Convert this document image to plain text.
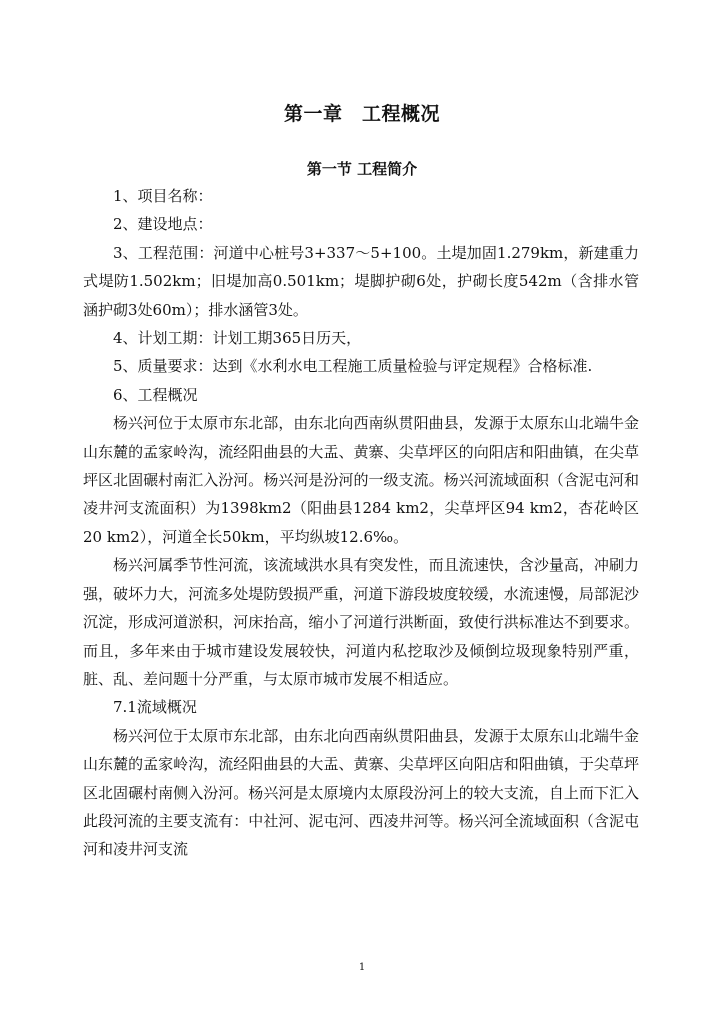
第一章　工程概况
第一节 工程简介

1、项目名称：

2、建设地点：

3、工程范围：河道中心桩号3+337～5+100。土堤加固1.279km，新建重力式堤防1.502km；旧堤加高0.501km；堤脚护砌6处，护砌长度542m（含排水管涵护砌3处60m）；排水涵管3处。

4、计划工期：计划工期365日历天，

5、质量要求：达到《水利水电工程施工质量检验与评定规程》合格标准.

6、工程概况

杨兴河位于太原市东北部，由东北向西南纵贯阳曲县，发源于太原东山北端牛金山东麓的孟家岭沟，流经阳曲县的大盂、黄寨、尖草坪区的向阳店和阳曲镇，在尖草坪区北固碾村南汇入汾河。杨兴河是汾河的一级支流。杨兴河流域面积（含泥屯河和凌井河支流面积）为1398km2（阳曲县1284 km2，尖草坪区94 km2，杏花岭区20 km2），河道全长50km，平均纵坡12.6‰。

杨兴河属季节性河流，该流域洪水具有突发性，而且流速快，含沙量高，冲刷力强，破坏力大，河流多处堤防毁损严重，河道下游段坡度较缓，水流速慢，局部泥沙沉淀，形成河道淤积，河床抬高，缩小了河道行洪断面，致使行洪标准达不到要求。而且，多年来由于城市建设发展较快，河道内私挖取沙及倾倒垃圾现象特别严重，脏、乱、差问题十分严重，与太原市城市发展不相适应。

7.1流域概况

杨兴河位于太原市东北部，由东北向西南纵贯阳曲县，发源于太原东山北端牛金山东麓的孟家岭沟，流经阳曲县的大盂、黄寨、尖草坪区向阳店和阳曲镇，于尖草坪区北固碾村南侧入汾河。杨兴河是太原境内太原段汾河上的较大支流，自上而下汇入此段河流的主要支流有：中社河、泥屯河、西凌井河等。杨兴河全流域面积（含泥屯河和凌井河支流

1
